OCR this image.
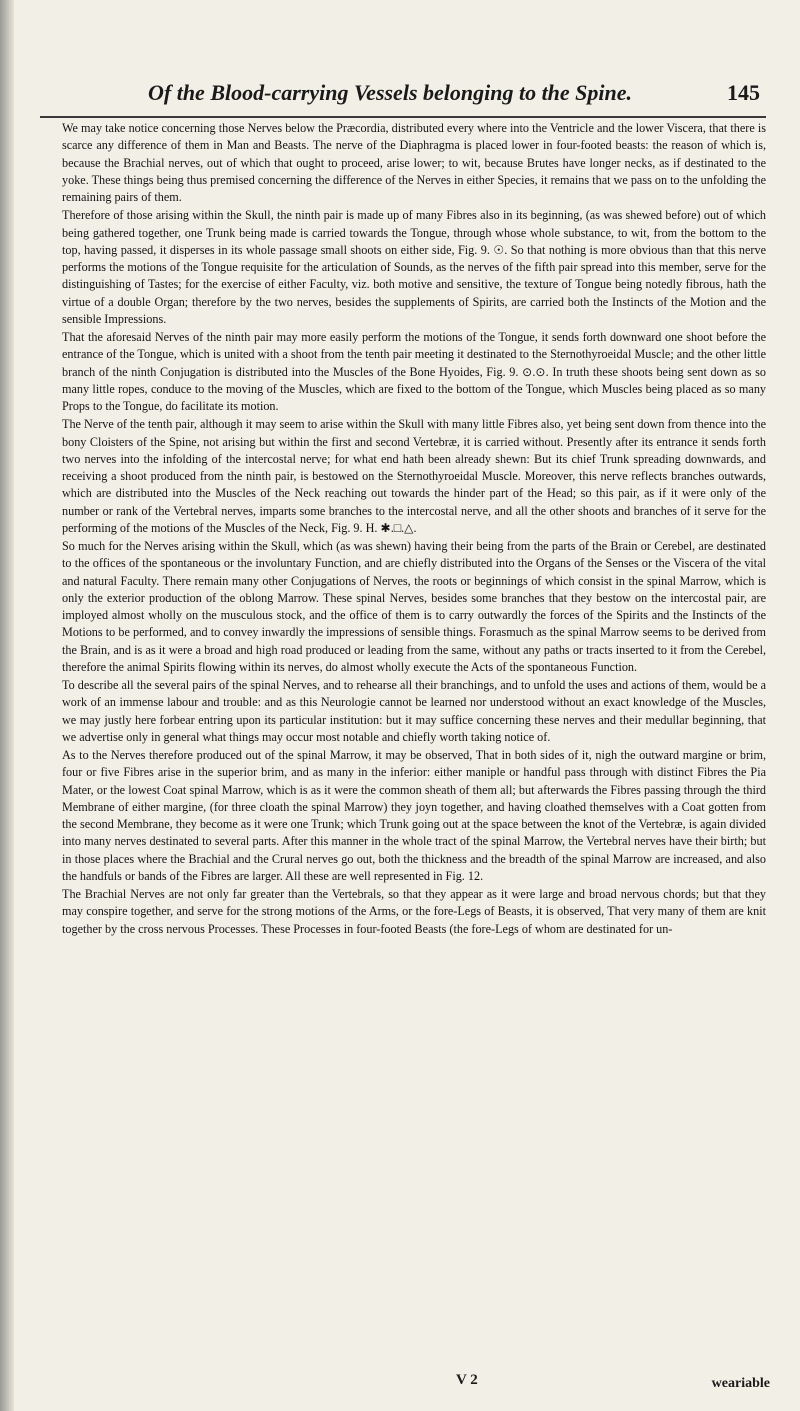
Of the Blood-carrying Vessels belonging to the Spine.	145

We may take notice concerning those Nerves below the Præcordia, distributed every where into the Ventricle and the lower Viscera, that there is scarce any difference of them in Man and Beasts. The nerve of the Diaphragma is placed lower in four-footed beasts: the reason of which is, because the Brachial nerves, out of which that ought to proceed, arise lower; to wit, because Brutes have longer necks, as if destinated to the yoke. These things being thus premised concerning the difference of the Nerves in either Species, it remains that we pass on to the unfolding the remaining pairs of them.

Therefore of those arising within the Skull, the ninth pair is made up of many Fibres also in its beginning, (as was shewed before) out of which being gathered together, one Trunk being made is carried towards the Tongue, through whose whole substance, to wit, from the bottom to the top, having passed, it disperses in its whole passage small shoots on either side, Fig. 9. ☉. So that nothing is more obvious than that this nerve performs the motions of the Tongue requisite for the articulation of Sounds, as the nerves of the fifth pair spread into this member, serve for the distinguishing of Tastes; for the exercise of either Faculty, viz. both motive and sensitive, the texture of Tongue being notedly fibrous, hath the virtue of a double Organ; therefore by the two nerves, besides the supplements of Spirits, are carried both the Instincts of the Motion and the sensible Impressions.

That the aforesaid Nerves of the ninth pair may more easily perform the motions of the Tongue, it sends forth downward one shoot before the entrance of the Tongue, which is united with a shoot from the tenth pair meeting it destinated to the Sternothyroeidal Muscle; and the other little branch of the ninth Conjugation is distributed into the Muscles of the Bone Hyoides, Fig. 9. ⊙.⊙. In truth these shoots being sent down as so many little ropes, conduce to the moving of the Muscles, which are fixed to the bottom of the Tongue, which Muscles being placed as so many Props to the Tongue, do facilitate its motion.

The Nerve of the tenth pair, although it may seem to arise within the Skull with many little Fibres also, yet being sent down from thence into the bony Cloisters of the Spine, not arising but within the first and second Vertebræ, it is carried without. Presently after its entrance it sends forth two nerves into the infolding of the intercostal nerve; for what end hath been already shewn: But its chief Trunk spreading downwards, and receiving a shoot produced from the ninth pair, is bestowed on the Sternothyroeidal Muscle. Moreover, this nerve reflects branches outwards, which are distributed into the Muscles of the Neck reaching out towards the hinder part of the Head; so this pair, as if it were only of the number or rank of the Vertebral nerves, imparts some branches to the intercostal nerve, and all the other shoots and branches of it serve for the performing of the motions of the Muscles of the Neck, Fig. 9. H. ✱.□.△.

So much for the Nerves arising within the Skull, which (as was shewn) having their being from the parts of the Brain or Cerebel, are destinated to the offices of the spontaneous or the involuntary Function, and are chiefly distributed into the Organs of the Senses or the Viscera of the vital and natural Faculty. There remain many other Conjugations of Nerves, the roots or beginnings of which consist in the spinal Marrow, which is only the exterior production of the oblong Marrow. These spinal Nerves, besides some branches that they bestow on the intercostal pair, are imployed almost wholly on the musculous stock, and the office of them is to carry outwardly the forces of the Spirits and the Instincts of the Motions to be performed, and to convey inwardly the impressions of sensible things. Forasmuch as the spinal Marrow seems to be derived from the Brain, and is as it were a broad and high road produced or leading from the same, without any paths or tracts inserted to it from the Cerebel, therefore the animal Spirits flowing within its nerves, do almost wholly execute the Acts of the spontaneous Function.

To describe all the several pairs of the spinal Nerves, and to rehearse all their branchings, and to unfold the uses and actions of them, would be a work of an immense labour and trouble: and as this Neurologie cannot be learned nor understood without an exact knowledge of the Muscles, we may justly here forbear entring upon its particular institution: but it may suffice concerning these nerves and their medullar beginning, that we advertise only in general what things may occur most notable and chiefly worth taking notice of.

As to the Nerves therefore produced out of the spinal Marrow, it may be observed, That in both sides of it, nigh the outward margine or brim, four or five Fibres arise in the superior brim, and as many in the inferior: either maniple or handful pass through with distinct Fibres the Pia Mater, or the lowest Coat spinal Marrow, which is as it were the common sheath of them all; but afterwards the Fibres passing through the third Membrane of either margine, (for three cloath the spinal Marrow) they joyn together, and having cloathed themselves with a Coat gotten from the second Membrane, they become as it were one Trunk; which Trunk going out at the space between the knot of the Vertebræ, is again divided into many nerves destinated to several parts. After this manner in the whole tract of the spinal Marrow, the Vertebral nerves have their birth; but in those places where the Brachial and the Crural nerves go out, both the thickness and the breadth of the spinal Marrow are increased, and also the handfuls or bands of the Fibres are larger. All these are well represented in Fig. 12.

The Brachial Nerves are not only far greater than the Vertebrals, so that they appear as it were large and broad nervous chords; but that they may conspire together, and serve for the strong motions of the Arms, or the fore-Legs of Beasts, it is observed, That very many of them are knit together by the cross nervous Processes. These Processes in four-footed Beasts (the fore-Legs of whom are destinated for un-

V 2	weariable
